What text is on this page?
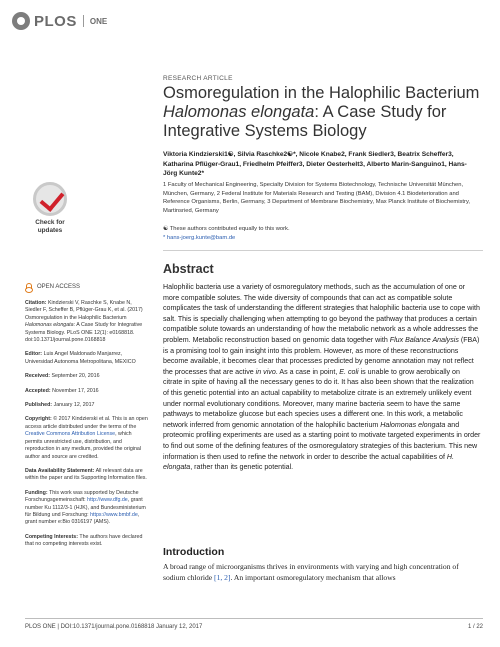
PLOS ONE
RESEARCH ARTICLE
Osmoregulation in the Halophilic Bacterium Halomonas elongata: A Case Study for Integrative Systems Biology
Viktoria Kindzierski1☯, Silvia Raschke2☯*, Nicole Knabe2, Frank Siedler3, Beatrix Scheffer3, Katharina Pflüger-Grau1, Friedhelm Pfeiffer3, Dieter Oesterhelt3, Alberto Marin-Sanguino1, Hans-Jörg Kunte2*
1 Faculty of Mechanical Engineering, Specialty Division for Systems Biotechnology, Technische Universität München, München, Germany, 2 Federal Institute for Materials Research and Testing (BAM), Division 4.1 Biodeterioration and Reference Organisms, Berlin, Germany, 3 Department of Membrane Biochemistry, Max Planck Institute of Biochemistry, Martinsried, Germany
☯ These authors contributed equally to this work.
* hans-joerg.kunte@bam.de
Check for
updates
OPEN ACCESS
Citation: Kindzierski V, Raschke S, Knabe N, Siedler F, Scheffer B, Pflüger-Grau K, et al. (2017) Osmoregulation in the Halophilic Bacterium Halomonas elongata: A Case Study for Integrative Systems Biology. PLoS ONE 12(1): e0168818. doi:10.1371/journal.pone.0168818
Editor: Luis Angel Maldonado Manjarrez, Universidad Autonoma Metropolitana, MEXICO
Received: September 20, 2016
Accepted: November 17, 2016
Published: January 12, 2017
Copyright: © 2017 Kindzierski et al. This is an open access article distributed under the terms of the Creative Commons Attribution License, which permits unrestricted use, distribution, and reproduction in any medium, provided the original author and source are credited.
Data Availability Statement: All relevant data are within the paper and its Supporting Information files.
Funding: This work was supported by Deutsche Forschungsgemeinschaft: http://www.dfg.de, grant number Ku 1112/3-1 (HJK), and Bundesministerium für Bildung und Forschung: https://www.bmbf.de, grant number e:Bio 0316197 (AMS).
Competing Interests: The authors have declared that no competing interests exist.
Abstract

Halophilic bacteria use a variety of osmoregulatory methods, such as the accumulation of one or more compatible solutes. The wide diversity of compounds that can act as compatible solute complicates the task of understanding the different strategies that halophilic bacteria use to cope with salt. This is specially challenging when attempting to go beyond the pathway that produces a certain compatible solute towards an understanding of how the metabolic network as a whole addresses the problem. Metabolic reconstruction based on genomic data together with Flux Balance Analysis (FBA) is a promising tool to gain insight into this problem. However, as more of these reconstructions become available, it becomes clear that processes predicted by genome annotation may not reflect the processes that are active in vivo. As a case in point, E. coli is unable to grow aerobically on citrate in spite of having all the necessary genes to do it. It has also been shown that the realization of this genetic potential into an actual capability to metabolize citrate is an extremely unlikely event under normal evolutionary conditions. Moreover, many marine bacteria seem to have the same pathways to metabolize glucose but each species uses a different one. In this work, a metabolic network inferred from genomic annotation of the halophilic bacterium Halomonas elongata and proteomic profiling experiments are used as a starting point to motivate targeted experiments in order to find out some of the defining features of the osmoregulatory strategies of this bacterium. This new information is then used to refine the network in order to describe the actual capabilities of H. elongata, rather than its genetic potential.

Introduction

A broad range of microorganisms thrives in environments with varying and high concentration of sodium chloride [1, 2]. An important osmoregulatory mechanism that allows

PLOS ONE | DOI:10.1371/journal.pone.0168818 January 12, 2017	1 / 22
